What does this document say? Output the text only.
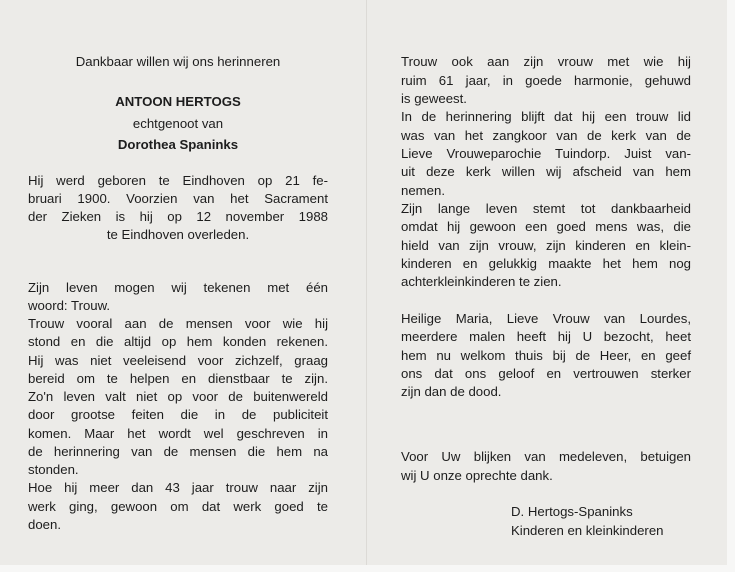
Dankbaar willen wij ons herinneren
ANTOON HERTOGS
echtgenoot van
Dorothea Spaninks
Hij werd geboren te Eindhoven op 21 fe-
bruari 1900. Voorzien van het Sacrament
der Zieken is hij op 12 november 1988
te Eindhoven overleden.
Zijn leven mogen wij tekenen met één
woord: Trouw.
Trouw vooral aan de mensen voor wie hij
stond en die altijd op hem konden rekenen.
Hij was niet veeleisend voor zichzelf, graag
bereid om te helpen en dienstbaar te zijn.
Zo'n leven valt niet op voor de buitenwereld
door grootse feiten die in de publiciteit
komen. Maar het wordt wel geschreven in
de herinnering van de mensen die hem na
stonden.
Hoe hij meer dan 43 jaar trouw naar zijn
werk ging, gewoon om dat werk goed te
doen.
Trouw ook aan zijn vrouw met wie hij
ruim 61 jaar, in goede harmonie, gehuwd
is geweest.
In de herinnering blijft dat hij een trouw lid
was van het zangkoor van de kerk van de
Lieve Vrouweparochie Tuindorp. Juist van-
uit deze kerk willen wij afscheid van hem
nemen.
Zijn lange leven stemt tot dankbaarheid
omdat hij gewoon een goed mens was, die
hield van zijn vrouw, zijn kinderen en klein-
kinderen en gelukkig maakte het hem nog
achterkleinkinderen te zien.
Heilige Maria, Lieve Vrouw van Lourdes,
meerdere malen heeft hij U bezocht, heet
hem nu welkom thuis bij de Heer, en geef
ons dat ons geloof en vertrouwen sterker
zijn dan de dood.
Voor Uw blijken van medeleven, betuigen
wij U onze oprechte dank.
D. Hertogs-Spaninks
Kinderen en kleinkinderen
